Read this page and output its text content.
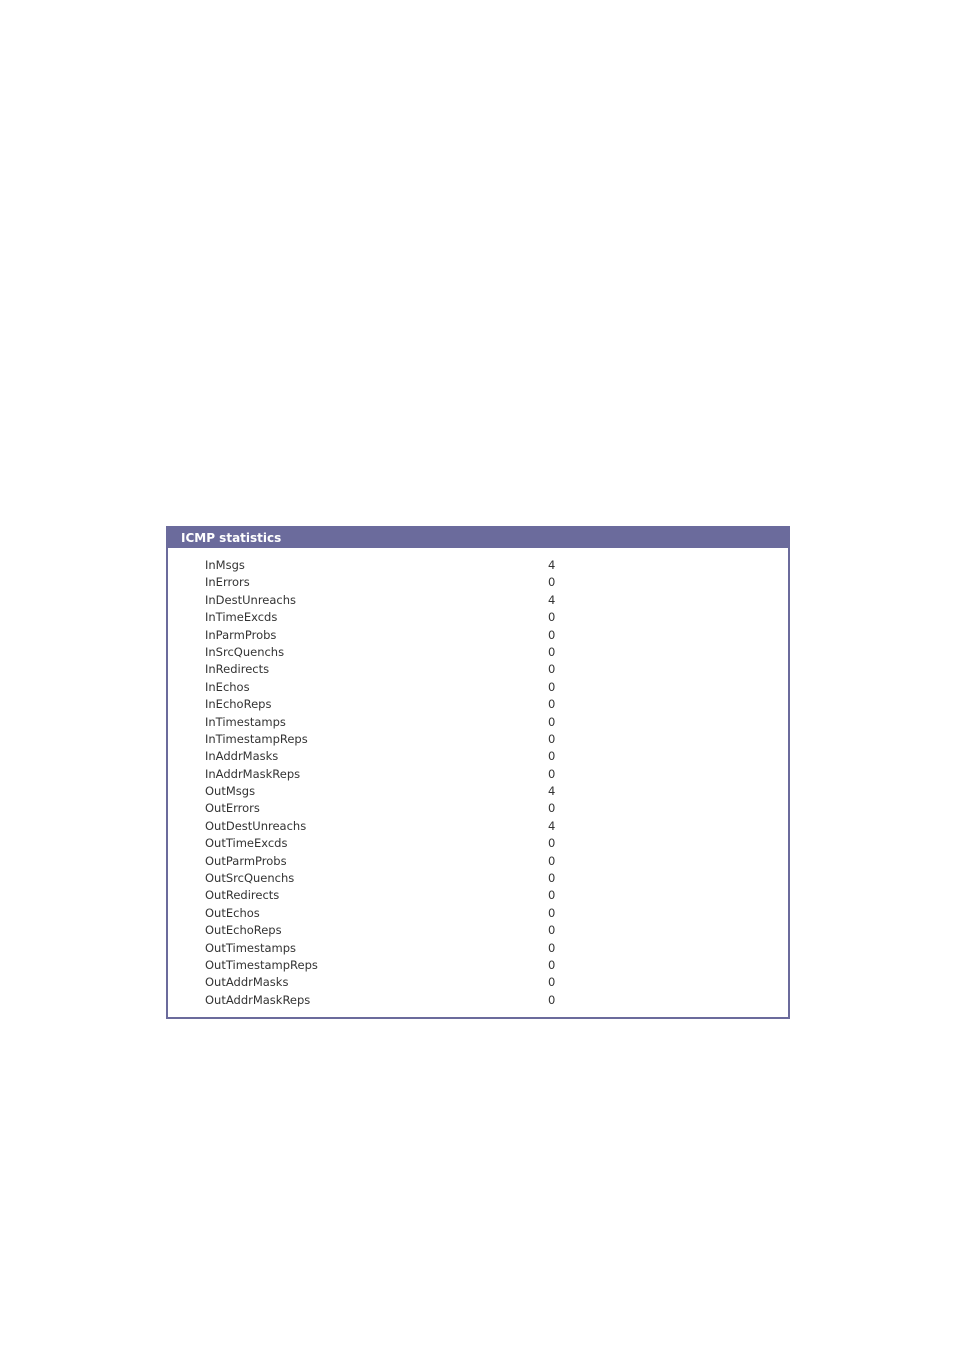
ICMP statistics
InMsgs	4
InErrors	0
InDestUnreachs	4
InTimeExcds	0
InParmProbs	0
InSrcQuenchs	0
InRedirects	0
InEchos	0
InEchoReps	0
InTimestamps	0
InTimestampReps	0
InAddrMasks	0
InAddrMaskReps	0
OutMsgs	4
OutErrors	0
OutDestUnreachs	4
OutTimeExcds	0
OutParmProbs	0
OutSrcQuenchs	0
OutRedirects	0
OutEchos	0
OutEchoReps	0
OutTimestamps	0
OutTimestampReps	0
OutAddrMasks	0
OutAddrMaskReps	0
